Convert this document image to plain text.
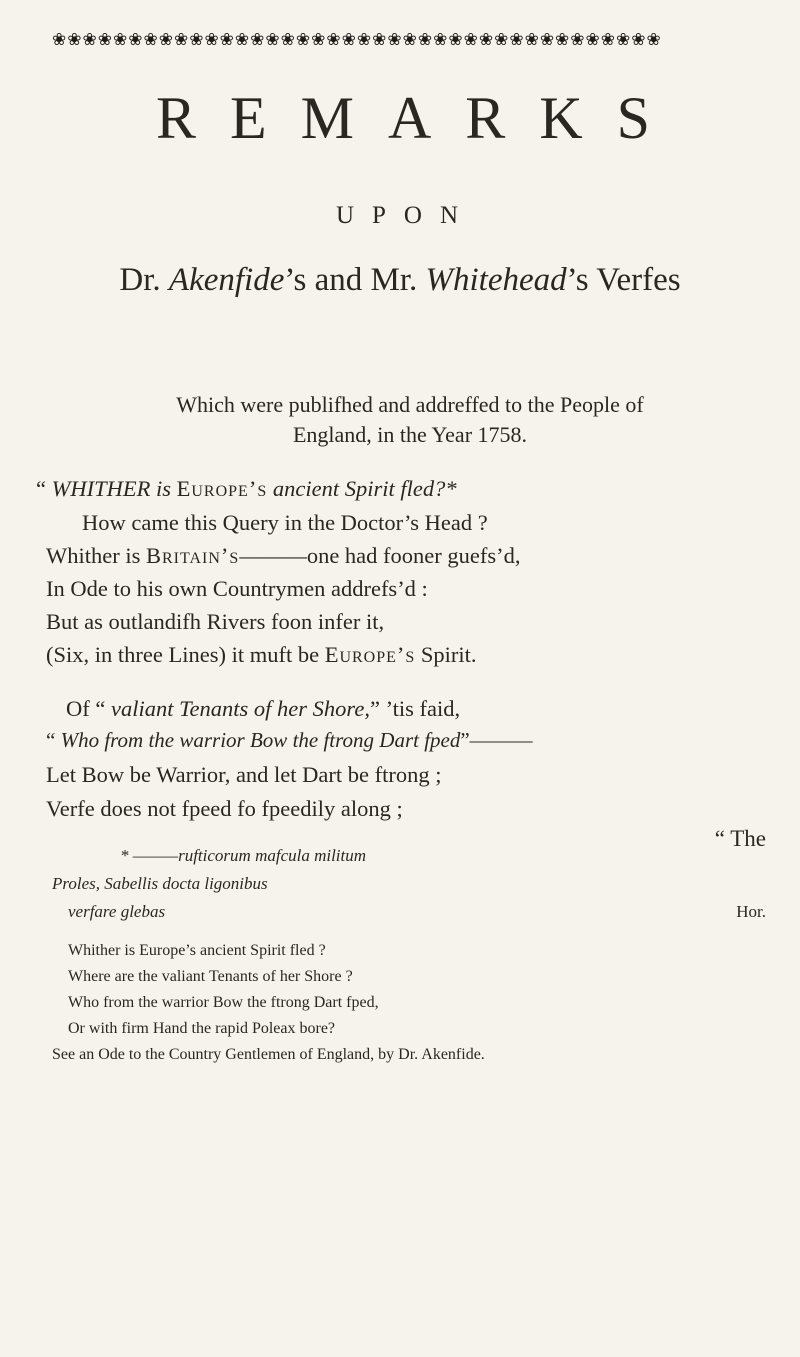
❀❀❀❀❀❀❀❀❀❀❀❀❀❀❀❀❀❀❀❀❀❀❀❀❀❀❀❀❀❀❀❀❀❀❀❀❀❀❀❀
REMARKS
UPON
Dr. Akenfide’s and Mr. Whitehead’s Verfes
Which were publifhed and addreffed to the People of
England, in the Year 1758.
“ WHITHER is Europe’s ancient Spirit fled?*
How came this Query in the Doctor’s Head ?
Whither is Britain’s———one had fooner guefs’d,
In Ode to his own Countrymen addrefs’d :
But as outlandifh Rivers foon infer it,
(Six, in three Lines) it muft be Europe’s Spirit.
Of “ valiant Tenants of her Shore,” ’tis faid,
“ Who from the warrior Bow the ftrong Dart fped”———
Let Bow be Warrior, and let Dart be ftrong ;
Verfe does not fpeed fo fpeedily along ;
“ The
* ———rufticorum mafcula militum
Proles, Sabellis docta ligonibus
verfare glebas	Hor.
Whither is Europe’s ancient Spirit fled ?
Where are the valiant Tenants of her Shore ?
Who from the warrior Bow the ftrong Dart fped,
Or with firm Hand the rapid Poleax bore?
See an Ode to the Country Gentlemen of England, by Dr. Akenfide.
